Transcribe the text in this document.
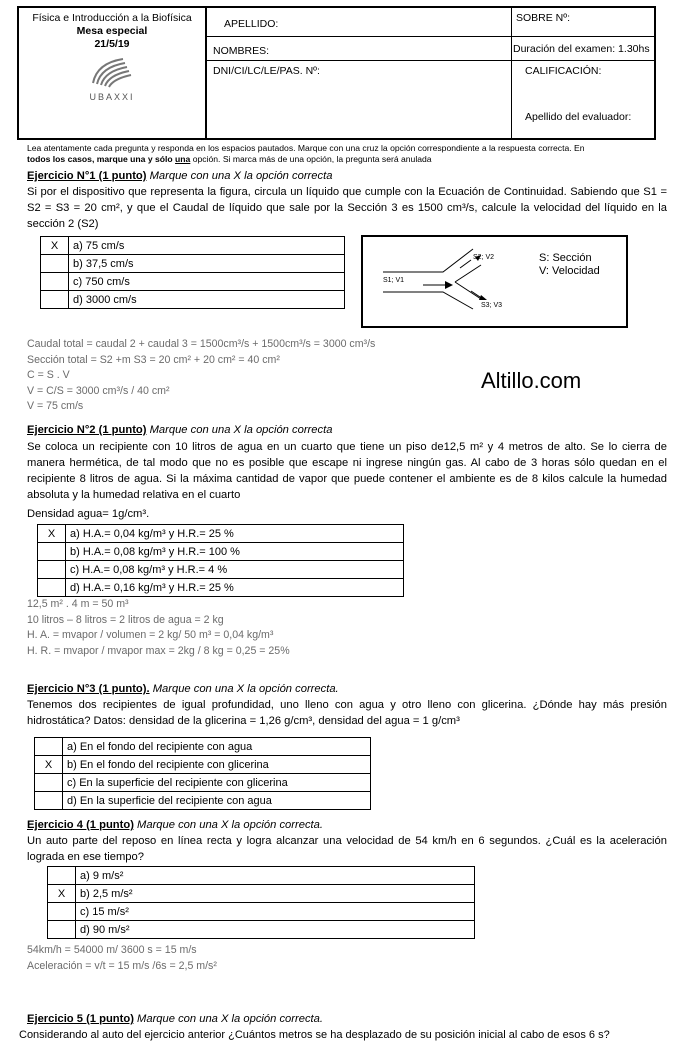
Física e Introducción a la Biofísica
Mesa especial
21/5/19
UBAXXI
APELLIDO:
NOMBRES:
DNI/CI/LC/LE/PAS. Nº:
SOBRE Nº:
Duración del examen: 1.30hs
CALIFICACIÓN:
Apellido del evaluador:
Lea atentamente cada pregunta y responda en los espacios pautados. Marque con una cruz la opción correspondiente a la respuesta correcta. En
todos los casos, marque una y sólo una opción. Si marca más de una opción, la pregunta será anulada
Ejercicio N°1 (1 punto) Marque con una X la opción correcta
Si por el dispositivo que representa la figura, circula un líquido que cumple con la Ecuación de Continuidad. Sabiendo que S1 = S2 = S3 = 20 cm², y que el Caudal de líquido que sale por la Sección 3 es 1500 cm³/s, calcule la velocidad del líquido en la sección 2 (S2)
X	a) 75 cm/s
	b) 37,5 cm/s
	c) 750 cm/s
	d) 3000 cm/s
S1; V1
S2; V2
S3; V3
S: Sección
V: Velocidad
Caudal total = caudal 2 + caudal 3 = 1500cm³/s + 1500cm³/s = 3000 cm³/s
Sección total = S2 +m S3 = 20 cm² + 20 cm² = 40 cm²
C = S . V
V = C/S = 3000 cm³/s / 40 cm²
V = 75 cm/s
Altillo.com
Ejercicio N°2 (1 punto) Marque con una X la opción correcta
Se coloca un recipiente con 10 litros de agua en un cuarto que tiene un piso de12,5 m² y 4 metros de alto. Se lo cierra de manera hermética, de tal modo que no es posible que escape ni ingrese ningún gas. Al cabo de 3 horas sólo quedan en el recipiente 8 litros de agua. Si la máxima cantidad de vapor que puede contener el ambiente es de 8 kilos calcule la humedad absoluta y la humedad relativa en el cuarto
Densidad agua= 1g/cm³.
X	a) H.A.= 0,04 kg/m³ y H.R.= 25 %
	b) H.A.= 0,08 kg/m³ y H.R.= 100 %
	c) H.A.= 0,08 kg/m³ y H.R.= 4 %
	d) H.A.= 0,16 kg/m³ y H.R.= 25 %
12,5 m² . 4 m = 50 m³
10 litros – 8 litros = 2 litros de agua = 2 kg
H. A. = mvapor / volumen = 2 kg/ 50 m³ = 0,04 kg/m³
H. R. = mvapor / mvapor max = 2kg / 8 kg = 0,25 = 25%
Ejercicio N°3 (1 punto). Marque con una X la opción correcta.
Tenemos dos recipientes de igual profundidad, uno lleno con agua y otro lleno con glicerina. ¿Dónde hay más presión hidrostática? Datos: densidad de la glicerina = 1,26 g/cm³, densidad del agua = 1 g/cm³
	a) En el fondo del recipiente con agua
X	b) En el fondo del recipiente con glicerina
	c) En la superficie del recipiente con glicerina
	d) En la superficie del recipiente con agua
Ejercicio 4 (1 punto) Marque con una X la opción correcta.
Un auto parte del reposo en línea recta y logra alcanzar una velocidad de 54 km/h en 6 segundos. ¿Cuál es la aceleración lograda en ese tiempo?
	a) 9 m/s²
X	b) 2,5 m/s²
	c) 15 m/s²
	d) 90 m/s²
54km/h = 54000 m/ 3600 s = 15 m/s
Aceleración = v/t = 15 m/s /6s = 2,5 m/s²
Ejercicio 5 (1 punto) Marque con una X la opción correcta.
Considerando al auto del ejercicio anterior ¿Cuántos metros se ha desplazado de su posición inicial al cabo de esos 6 s?
